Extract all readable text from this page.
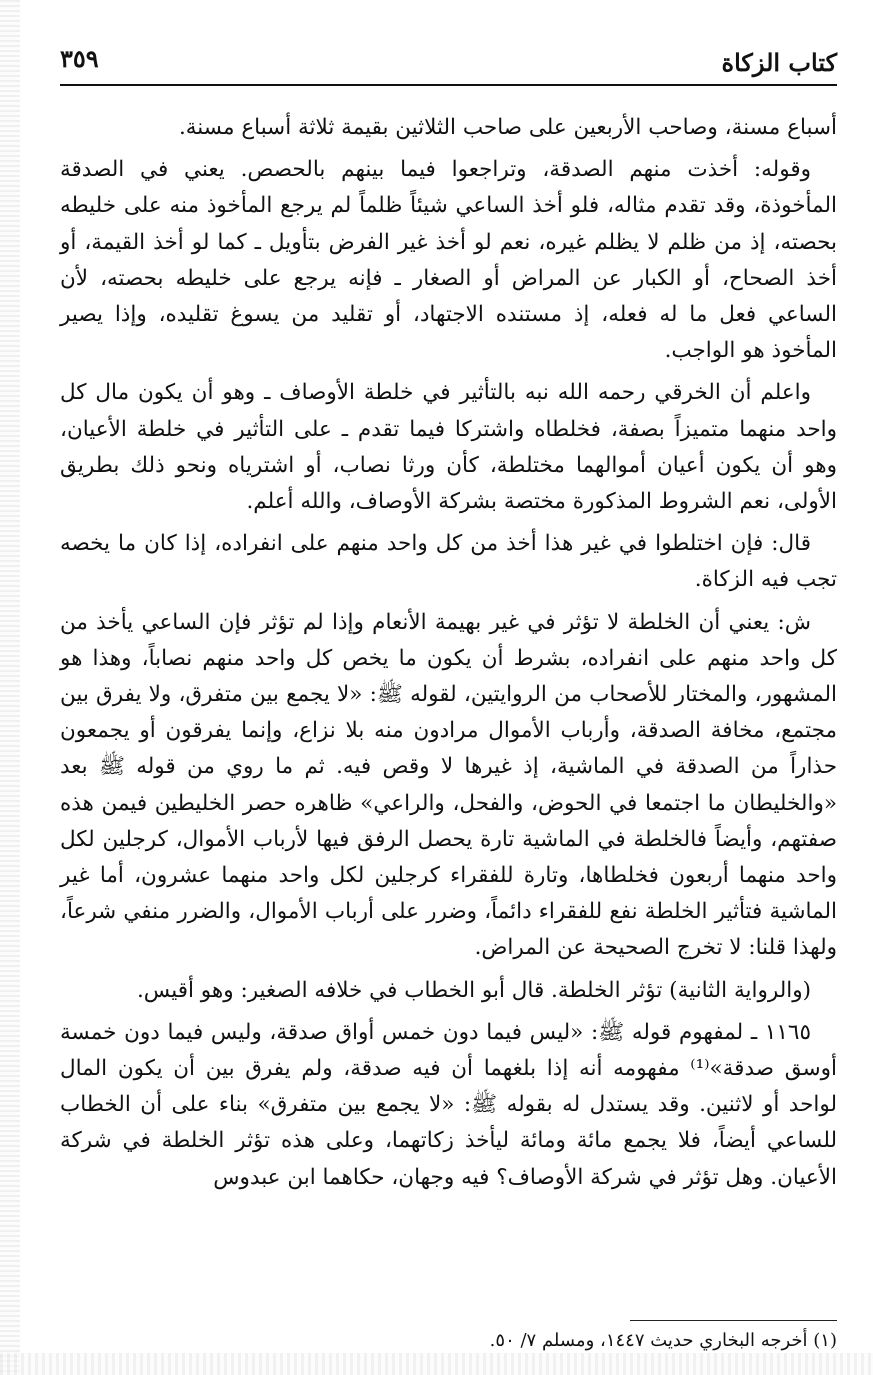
كتاب الزكاة
٣٥٩

أسباع مسنة، وصاحب الأربعين على صاحب الثلاثين بقيمة ثلاثة أسباع مسنة.

وقوله: أخذت منهم الصدقة، وتراجعوا فيما بينهم بالحصص. يعني في الصدقة المأخوذة، وقد تقدم مثاله، فلو أخذ الساعي شيئاً ظلماً لم يرجع المأخوذ منه على خليطه بحصته، إذ من ظلم لا يظلم غيره، نعم لو أخذ غير الفرض بتأويل ـ كما لو أخذ القيمة، أو أخذ الصحاح، أو الكبار عن المراض أو الصغار ـ فإنه يرجع على خليطه بحصته، لأن الساعي فعل ما له فعله، إذ مستنده الاجتهاد، أو تقليد من يسوغ تقليده، وإذا يصير المأخوذ هو الواجب.

واعلم أن الخرقي رحمه الله نبه بالتأثير في خلطة الأوصاف ـ وهو أن يكون مال كل واحد منهما متميزاً بصفة، فخلطاه واشتركا فيما تقدم ـ على التأثير في خلطة الأعيان، وهو أن يكون أعيان أموالهما مختلطة، كأن ورثا نصاب، أو اشترياه ونحو ذلك بطريق الأولى، نعم الشروط المذكورة مختصة بشركة الأوصاف، والله أعلم.

قال: فإن اختلطوا في غير هذا أخذ من كل واحد منهم على انفراده، إذا كان ما يخصه تجب فيه الزكاة.

ش: يعني أن الخلطة لا تؤثر في غير بهيمة الأنعام وإذا لم تؤثر فإن الساعي يأخذ من كل واحد منهم على انفراده، بشرط أن يكون ما يخص كل واحد منهم نصاباً، وهذا هو المشهور، والمختار للأصحاب من الروايتين، لقوله ﷺ: «لا يجمع بين متفرق، ولا يفرق بين مجتمع، مخافة الصدقة، وأرباب الأموال مرادون منه بلا نزاع، وإنما يفرقون أو يجمعون حذاراً من الصدقة في الماشية، إذ غيرها لا وقص فيه. ثم ما روي من قوله ﷺ بعد «والخليطان ما اجتمعا في الحوض، والفحل، والراعي» ظاهره حصر الخليطين فيمن هذه صفتهم، وأيضاً فالخلطة في الماشية تارة يحصل الرفق فيها لأرباب الأموال، كرجلين لكل واحد منهما أربعون فخلطاها، وتارة للفقراء كرجلين لكل واحد منهما عشرون، أما غير الماشية فتأثير الخلطة نفع للفقراء دائماً، وضرر على أرباب الأموال، والضرر منفي شرعاً، ولهذا قلنا: لا تخرج الصحيحة عن المراض.

(والرواية الثانية) تؤثر الخلطة. قال أبو الخطاب في خلافه الصغير: وهو أقيس.

١١٦٥ ـ لمفهوم قوله ﷺ: «ليس فيما دون خمس أواق صدقة، وليس فيما دون خمسة أوسق صدقة»⁽¹⁾ مفهومه أنه إذا بلغهما أن فيه صدقة، ولم يفرق بين أن يكون المال لواحد أو لاثنين. وقد يستدل له بقوله ﷺ: «لا يجمع بين متفرق» بناء على أن الخطاب للساعي أيضاً، فلا يجمع مائة ومائة ليأخذ زكاتهما، وعلى هذه تؤثر الخلطة في شركة الأعيان. وهل تؤثر في شركة الأوصاف؟ فيه وجهان، حكاهما ابن عبدوس

(١) أخرجه البخاري حديث ١٤٤٧، ومسلم ٧/ ٥٠.
